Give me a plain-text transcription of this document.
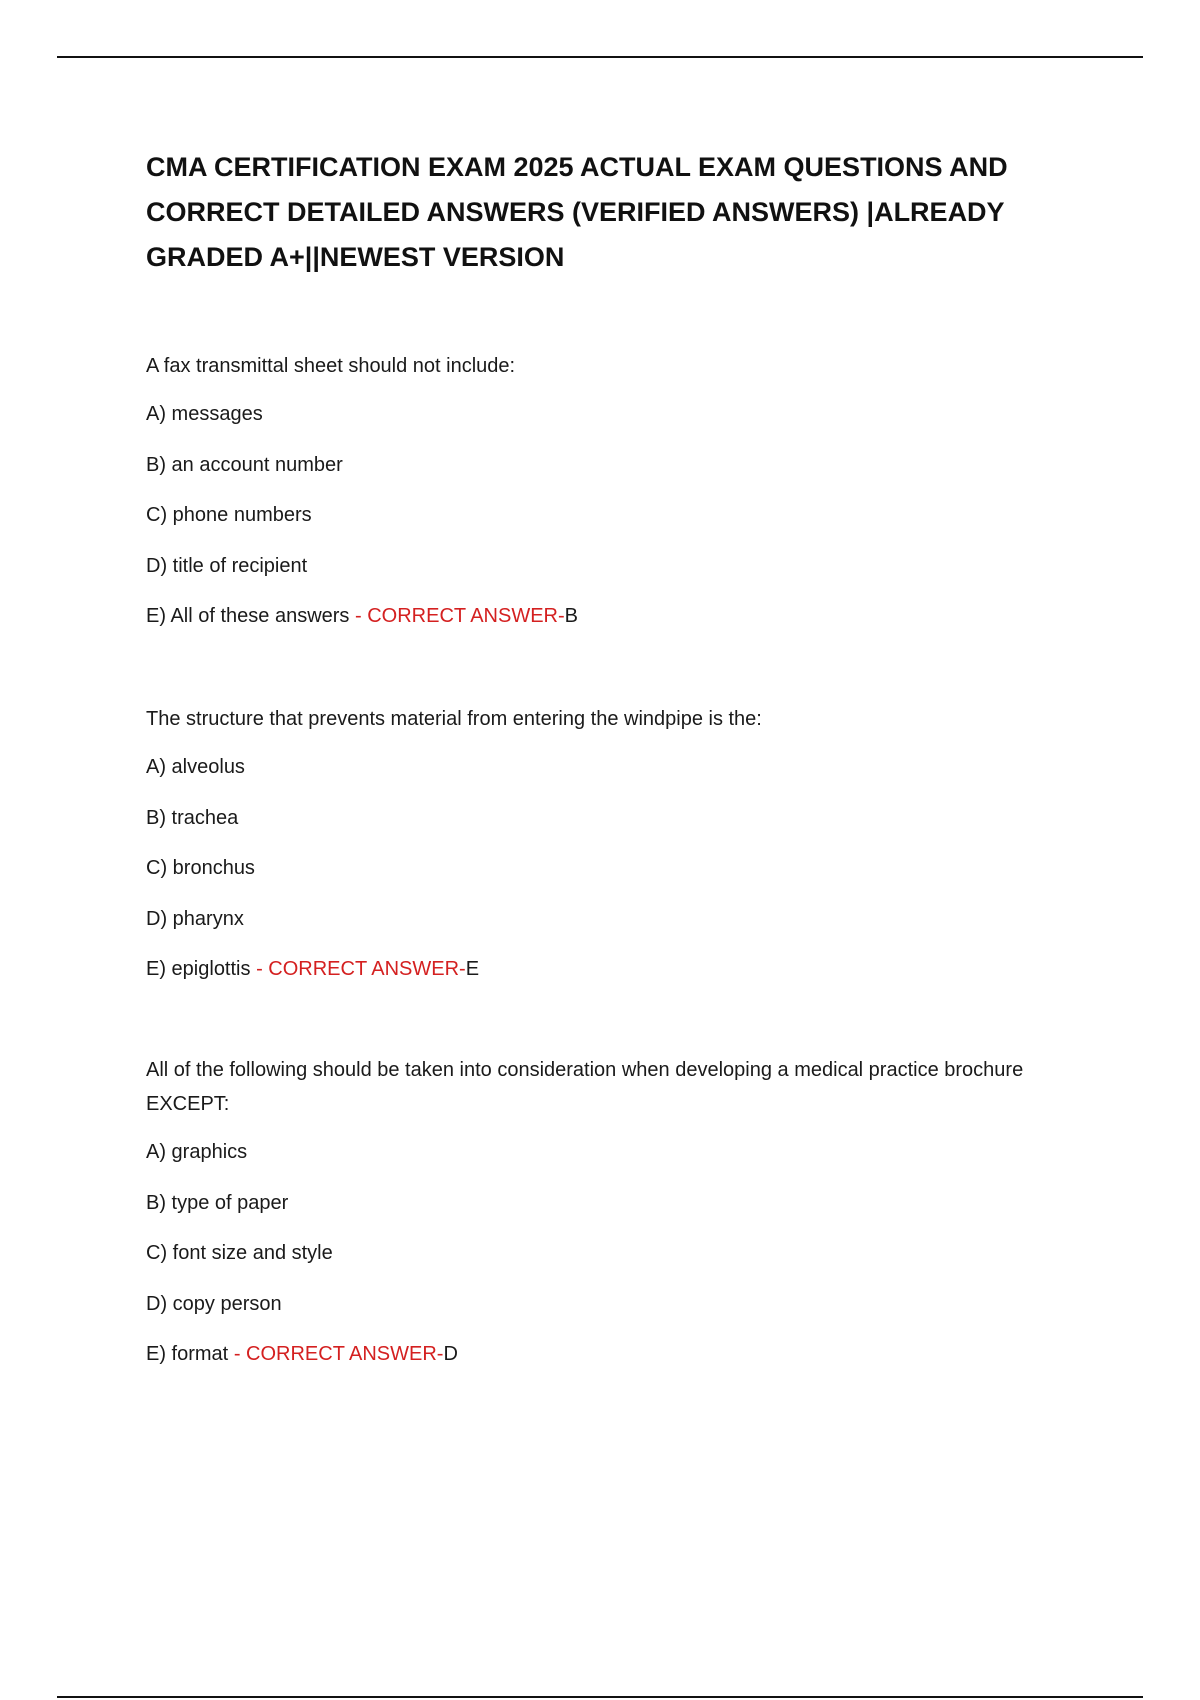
CMA CERTIFICATION EXAM 2025 ACTUAL EXAM QUESTIONS AND CORRECT DETAILED ANSWERS (VERIFIED ANSWERS) |ALREADY GRADED A+||NEWEST VERSION
A fax transmittal sheet should not include:
A) messages
B) an account number
C) phone numbers
D) title of recipient
E) All of these answers - CORRECT ANSWER-B
The structure that prevents material from entering the windpipe is the:
A) alveolus
B) trachea
C) bronchus
D) pharynx
E) epiglottis - CORRECT ANSWER-E
All of the following should be taken into consideration when developing a medical practice brochure EXCEPT:
A) graphics
B) type of paper
C) font size and style
D) copy person
E) format - CORRECT ANSWER-D
